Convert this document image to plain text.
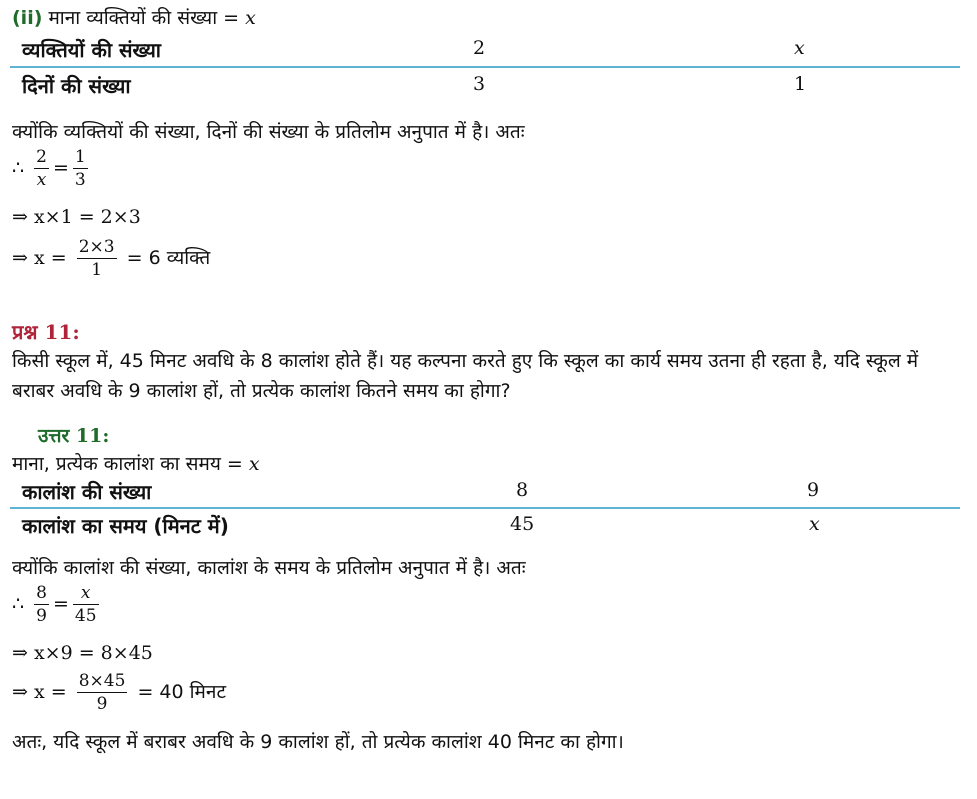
(ii) माना व्यक्तियों की संख्या = x
व्यक्तियों की संख्या	2	x
दिनों की संख्या	3	1
क्योंकि व्यक्तियों की संख्या, दिनों की संख्या के प्रतिलोम अनुपात में है। अतः
∴ $\frac{2}{x} = \frac{1}{3}$
⇒ x×1 = 2×3
⇒ $x = \frac{2\times 3}{1} = 6$ व्यक्ति
प्रश्न 11:
किसी स्कूल में, 45 मिनट अवधि के 8 कालांश होते हैं। यह कल्पना करते हुए कि स्कूल का कार्य समय उतना ही रहता है, यदि स्कूल में बराबर अवधि के 9 कालांश हों, तो प्रत्येक कालांश कितने समय का होगा?
उत्तर 11:
माना, प्रत्येक कालांश का समय = x
कालांश की संख्या	8	9
कालांश का समय (मिनट में)	45	x
क्योंकि कालांश की संख्या, कालांश के समय के प्रतिलोम अनुपात में है। अतः
∴ $\frac{8}{9} = \frac{x}{45}$
⇒ x×9 = 8×45
⇒ $x = \frac{8\times 45}{9} = 40$ मिनट
अतः, यदि स्कूल में बराबर अवधि के 9 कालांश हों, तो प्रत्येक कालांश 40 मिनट का होगा।
